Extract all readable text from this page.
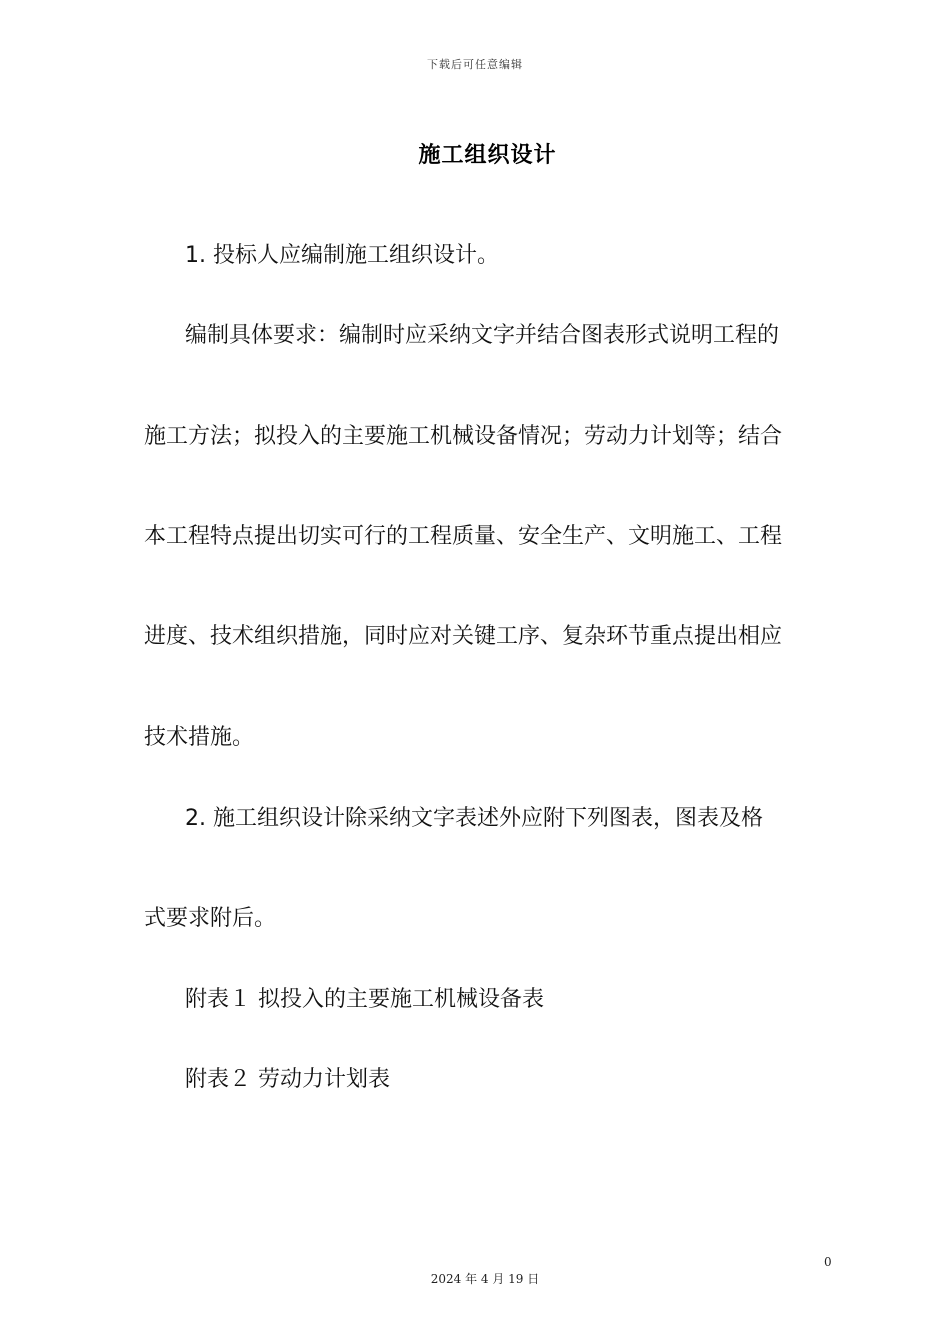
下载后可任意编辑
施工组织设计
1. 投标人应编制施工组织设计。
编制具体要求：编制时应采纳文字并结合图表形式说明工程的
施工方法；拟投入的主要施工机械设备情况；劳动力计划等；结合
本工程特点提出切实可行的工程质量、安全生产、文明施工、工程
进度、技术组织措施，同时应对关键工序、复杂环节重点提出相应
技术措施。
2. 施工组织设计除采纳文字表述外应附下列图表，图表及格
式要求附后。
附表１ 拟投入的主要施工机械设备表
附表２ 劳动力计划表
0
2024 年 4 月 19 日
